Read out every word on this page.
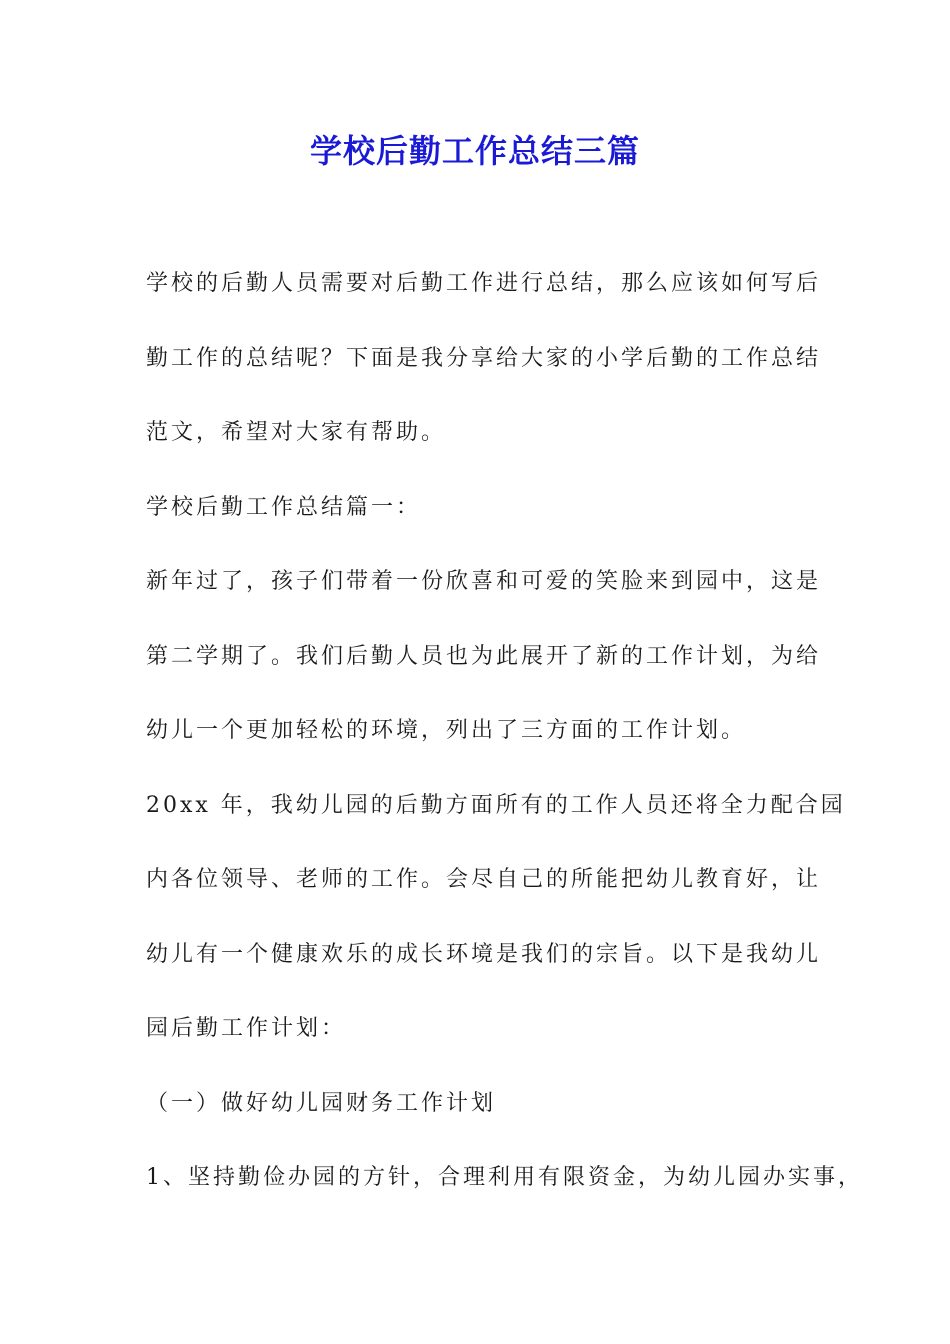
学校后勤工作总结三篇
学校的后勤人员需要对后勤工作进行总结，那么应该如何写后
勤工作的总结呢？下面是我分享给大家的小学后勤的工作总结
范文，希望对大家有帮助。
学校后勤工作总结篇一：
新年过了，孩子们带着一份欣喜和可爱的笑脸来到园中，这是
第二学期了。我们后勤人员也为此展开了新的工作计划，为给
幼儿一个更加轻松的环境，列出了三方面的工作计划。
20xx 年，我幼儿园的后勤方面所有的工作人员还将全力配合园
内各位领导、老师的工作。会尽自己的所能把幼儿教育好，让
幼儿有一个健康欢乐的成长环境是我们的宗旨。以下是我幼儿
园后勤工作计划：
（一）做好幼儿园财务工作计划
1、坚持勤俭办园的方针，合理利用有限资金，为幼儿园办实事，
